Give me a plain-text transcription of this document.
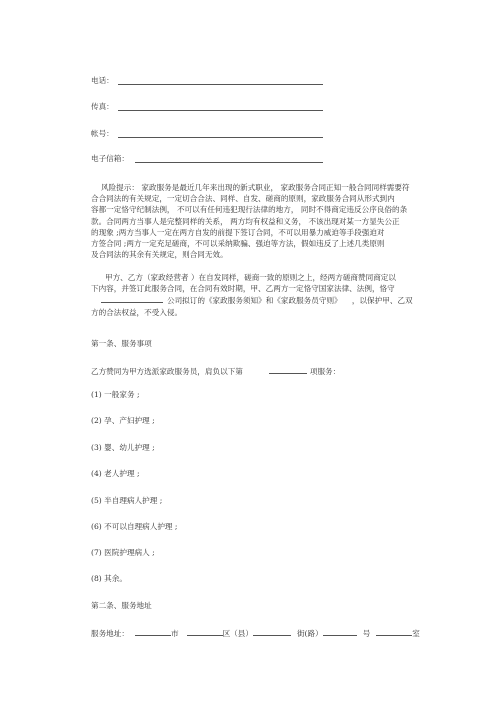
电话：
传真：
帐号：
电子信箱：
风险提示： 家政服务是最近几年来出现的新式职业， 家政服务合同正知一般合同同样需要符
合合同法的有关规定，一定切合合法、同样、自发、磋商的原则，家政服务合同从形式到内
容都一定恪守纪制法例， 不可以有任何违犯现行法律的地方， 同时不得商定违反公序良俗的条
款。合同两方当事人是完整同样的关系， 两方均有权益和义务， 不该出现对某一方显失公正
的现象 ;两方当事人一定在两方自发的前提下签订合同，不可以用暴力威迫等手段强迫对
方签合同 ;两方一定充足磋商，不可以采纳欺骗、强迫等方法，假如违反了上述几类原则
及合同法的其余有关规定，则合同无效。
甲方、乙方（家政经营者 ）在自发同样，磋商一致的原则之上，经两方磋商赞同商定以
下内容，并签订此服务合同，在合同有效时期，甲、乙两方一定恪守国家法律、法例，恪守
公司拟订的《家政服务须知》和《家政服务员守则》 ，以保护甲、乙双
方的合法权益，不受入侵。
第一条、服务事项
乙方赞同为甲方选派家政服务员，肩负以下第	项服务：
(1) 一般家务 ;
(2) 孕、产妇护理 ;
(3) 婴、幼儿护理 ;
(4) 老人护理 ;
(5) 半自理病人护理 ;
(6) 不可以自理病人护理 ;
(7) 医院护理病人 ;
(8) 其余。
第二条、服务地址
服务地址：	市	区（县）	街(路）	号	室
